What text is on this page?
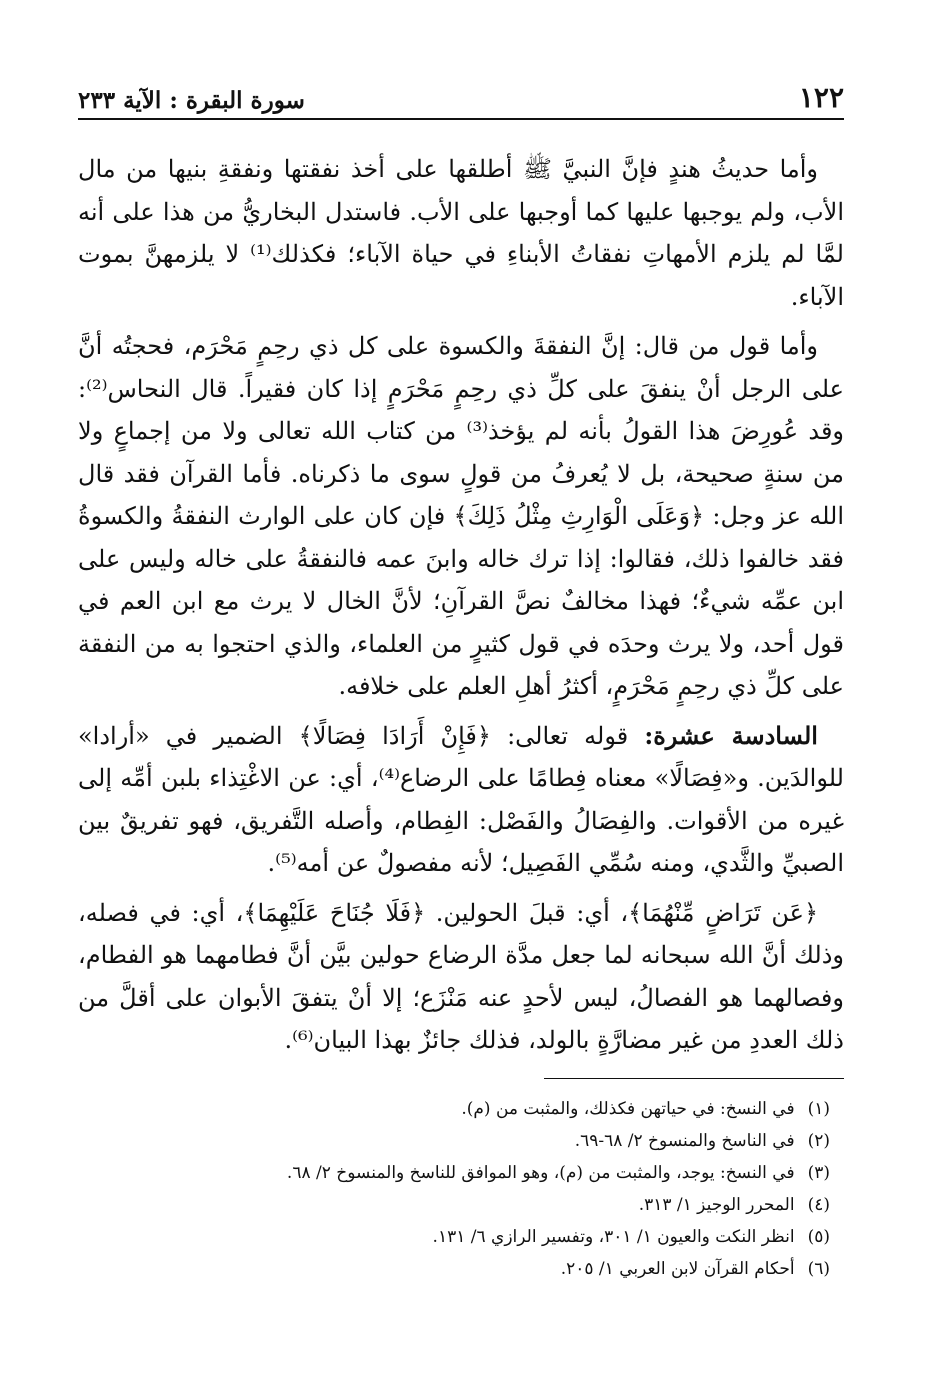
١٢٢
سورة البقرة : الآية ٢٣٣

وأما حديثُ هندٍ فإنَّ النبيَّ ﷺ أطلقها على أخذ نفقتها ونفقةِ بنيها من مال الأب، ولم يوجبها عليها كما أوجبها على الأب. فاستدل البخاريُّ من هذا على أنه لمَّا لم يلزم الأمهاتِ نفقاتُ الأبناءِ في حياة الآباء؛ فكذلك⁽¹⁾ لا يلزمهنَّ بموت الآباء.

وأما قول من قال: إنَّ النفقةَ والكسوة على كل ذي رحِمٍ مَحْرَم، فحجتُه أنَّ على الرجل أنْ ينفقَ على كلِّ ذي رحِمٍ مَحْرَمٍ إذا كان فقيراً. قال النحاس⁽²⁾: وقد عُورِضَ هذا القولُ بأنه لم يؤخذ⁽³⁾ من كتاب الله تعالى ولا من إجماعٍ ولا من سنةٍ صحيحة، بل لا يُعرفُ من قولٍ سوى ما ذكرناه. فأما القرآن فقد قال الله عز وجل: ﴿وَعَلَى الْوَارِثِ مِثْلُ ذَلِكَ﴾ فإن كان على الوارث النفقةُ والكسوةُ فقد خالفوا ذلك، فقالوا: إذا ترك خاله وابنَ عمه فالنفقةُ على خاله وليس على ابن عمِّه شيءٌ؛ فهذا مخالفٌ نصَّ القرآنِ؛ لأنَّ الخال لا يرث مع ابن العم في قول أحد، ولا يرث وحدَه في قول كثيرٍ من العلماء، والذي احتجوا به من النفقة على كلِّ ذي رحِمٍ مَحْرَمٍ، أكثرُ أهلِ العلم على خلافه.

السادسة عشرة: قوله تعالى: ﴿فَإِنْ أَرَادَا فِصَالًا﴾ الضمير في «أرادا» للوالدَين. و«فِصَالًا» معناه فِطامًا على الرضاع⁽⁴⁾، أي: عن الاغْتِذاء بلبن أمِّه إلى غيره من الأقوات. والفِصَالُ والفَصْل: الفِطام، وأصله التَّفريق، فهو تفريقٌ بين الصبيِّ والثَّدي، ومنه سُمِّي الفَصِيل؛ لأنه مفصولٌ عن أمه⁽⁵⁾.

﴿عَن تَرَاضٍ مِّنْهُمَا﴾، أي: قبلَ الحولين. ﴿فَلَا جُنَاحَ عَلَيْهِمَا﴾، أي: في فصله، وذلك أنَّ الله سبحانه لما جعل مدَّة الرضاع حولين بيَّن أنَّ فطامهما هو الفطام، وفصالهما هو الفصالُ، ليس لأحدٍ عنه مَنْزَع؛ إلا أنْ يتفقَ الأبوان على أقلَّ من ذلك العددِ من غير مضارَّةٍ بالولد، فذلك جائزٌ بهذا البيان⁽⁶⁾.

(١) في النسخ: في حياتهن فكذلك، والمثبت من (م).

(٢) في الناسخ والمنسوخ ٢/ ٦٨-٦٩.

(٣) في النسخ: يوجد، والمثبت من (م)، وهو الموافق للناسخ والمنسوخ ٢/ ٦٨.

(٤) المحرر الوجيز ١/ ٣١٣.

(٥) انظر النكت والعيون ١/ ٣٠١، وتفسير الرازي ٦/ ١٣١.

(٦) أحكام القرآن لابن العربي ١/ ٢٠٥.
